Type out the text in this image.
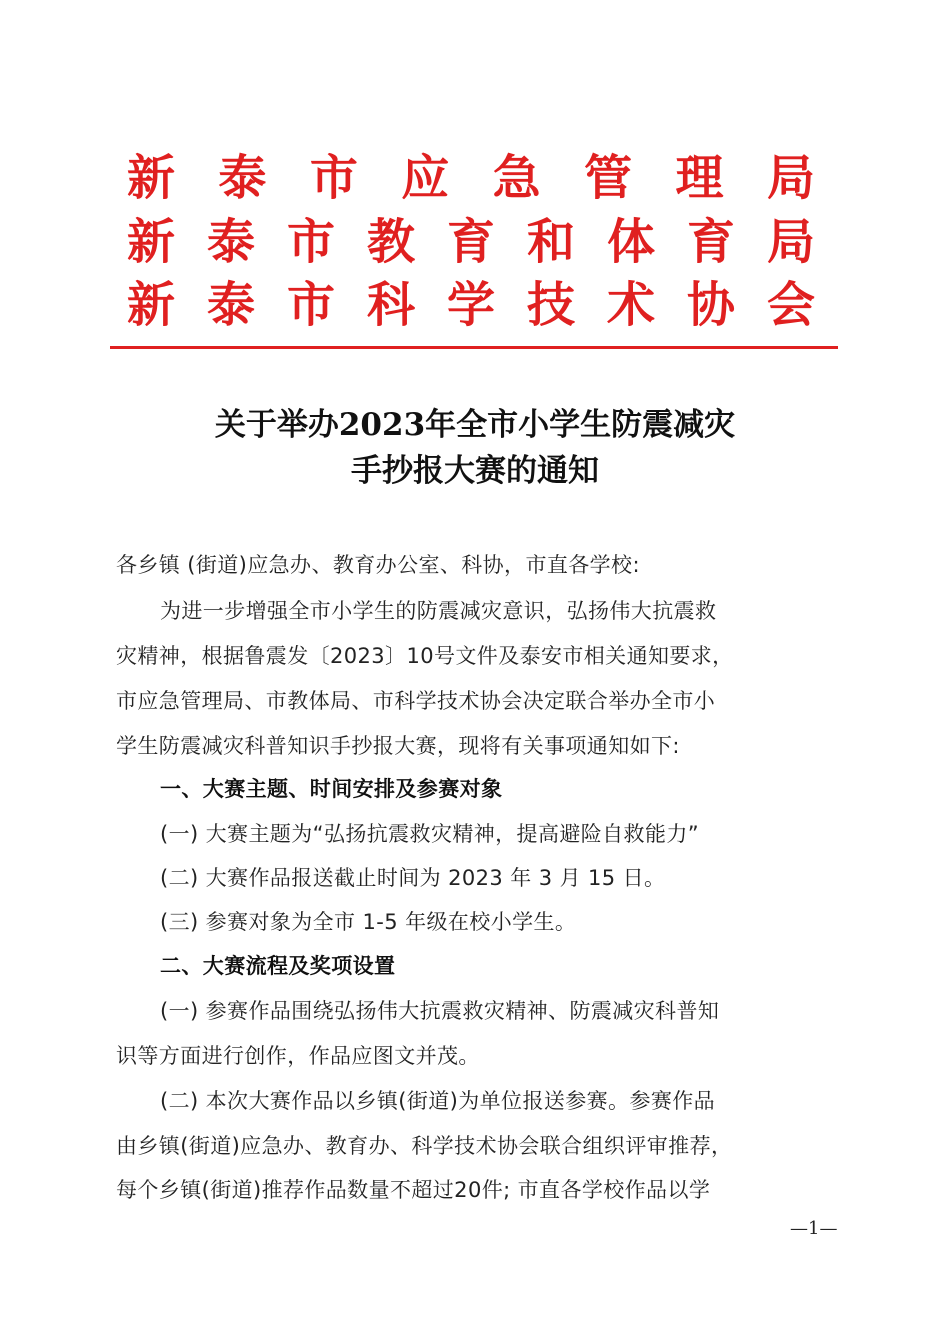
新 泰 市 应 急 管 理 局
新 泰 市 教 育 和 体 育 局
新 泰 市 科 学 技 术 协 会
关于举办2023年全市小学生防震减灾
手抄报大赛的通知
各乡镇 (街道)应急办、教育办公室、科协，市直各学校:
为进一步增强全市小学生的防震减灾意识，弘扬伟大抗震救
灾精神，根据鲁震发〔2023〕10号文件及泰安市相关通知要求，
市应急管理局、市教体局、市科学技术协会决定联合举办全市小
学生防震减灾科普知识手抄报大赛，现将有关事项通知如下:
一、大赛主题、时间安排及参赛对象
(一) 大赛主题为“弘扬抗震救灾精神，提高避险自救能力”
(二) 大赛作品报送截止时间为 2023 年 3 月 15 日。
(三) 参赛对象为全市 1-5 年级在校小学生。
二、大赛流程及奖项设置
(一) 参赛作品围绕弘扬伟大抗震救灾精神、防震减灾科普知
识等方面进行创作，作品应图文并茂。
(二) 本次大赛作品以乡镇(街道)为单位报送参赛。参赛作品
由乡镇(街道)应急办、教育办、科学技术协会联合组织评审推荐，
每个乡镇(街道)推荐作品数量不超过20件; 市直各学校作品以学
—1—
